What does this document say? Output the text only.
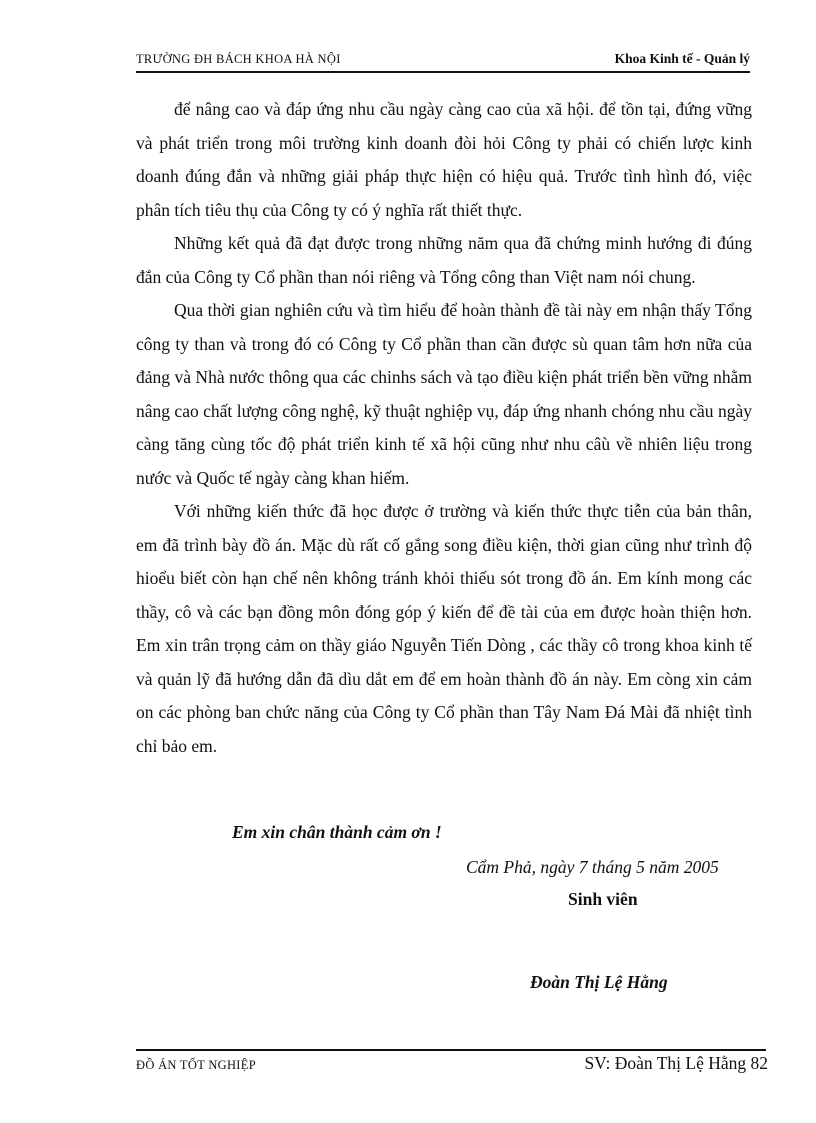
TRƯỜNG ĐH BÁCH KHOA HÀ NỘI	Khoa Kinh tế - Quản lý

để nâng cao và đáp ứng nhu cầu ngày càng cao của xã hội. để tồn tại, đứng vững và phát triển trong môi trường kinh doanh đòi hỏi Công ty phải có chiến lược kinh doanh đúng đắn và những giải pháp thực hiện có hiệu quả. Trước tình hình đó, việc phân tích tiêu thụ của Công ty có ý nghĩa rất thiết thực.

Những kết quả đã đạt được trong những năm qua đã chứng minh hướng đi đúng đắn của Công ty Cổ phần than nói riêng và Tổng công than Việt nam nói chung.

Qua thời gian nghiên cứu và tìm hiểu để hoàn thành đề tài này em nhận thấy Tổng công ty than và trong đó có Công ty Cổ phần than cần được sù quan tâm hơn nữa của đảng và Nhà nước thông qua các chinhs sách và tạo điều kiện phát triển bền vững nhằm nâng cao chất lượng công nghệ, kỹ thuật nghiệp vụ, đáp ứng nhanh chóng nhu cầu ngày càng tăng cùng tốc độ phát triển kinh tế xã hội cũng như nhu câù về nhiên liệu trong nước và Quốc tế ngày càng khan hiếm.

Với những kiến thức đã học được ở trường và kiến thức thực tiễn của bản thân, em đã trình bày đồ án. Mặc dù rất cố gắng song điều kiện, thời gian cũng như trình độ hioểu biết còn hạn chế nên không tránh khỏi thiếu sót trong đồ án. Em kính mong các thầy, cô và các bạn đồng môn đóng góp ý kiến để đề tài của em được hoàn thiện hơn. Em xin trân trọng cảm on thầy giáo Nguyễn Tiến Dòng , các thầy cô trong khoa kinh tế và quản lỹ đã hướng dẫn đã dìu dắt em để em hoàn thành đồ án này. Em còng xin cảm on các phòng ban chức năng của Công ty Cổ phần than Tây Nam Đá Mài đã nhiệt tình chỉ bảo em.

Em xin chân thành cảm ơn !
Cẩm Phả, ngày 7 tháng 5 năm 2005
Sinh viên
Đoàn Thị Lệ Hằng
ĐỒ ÁN TỐT NGHIỆP	SV: Đoàn Thị Lệ Hằng 82
